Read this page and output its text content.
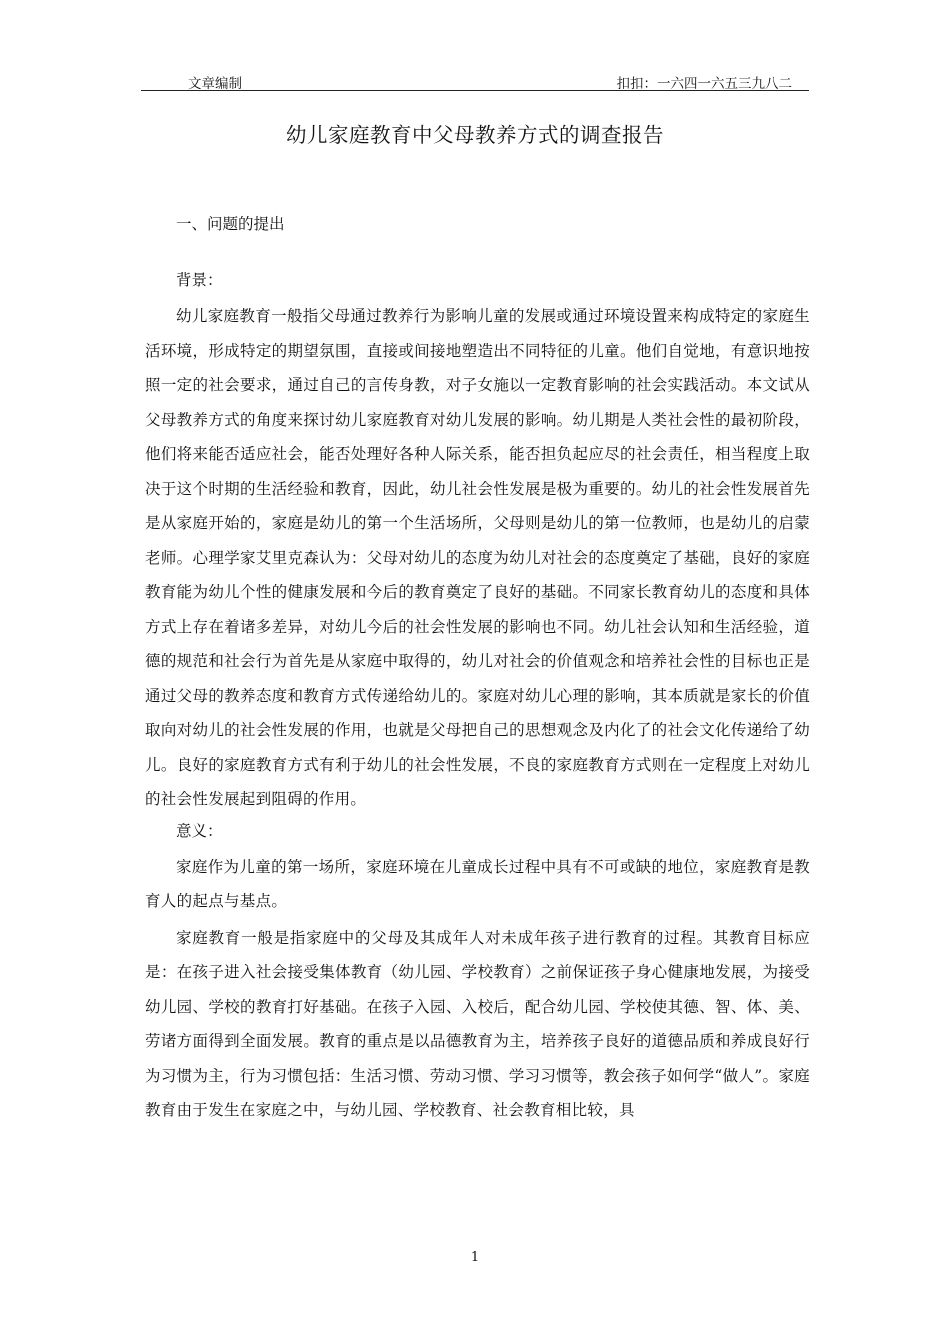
文章编制	扣扣：一六四一六五三九八二
幼儿家庭教育中父母教养方式的调查报告

一、问题的提出

背景：

幼儿家庭教育一般指父母通过教养行为影响儿童的发展或通过环境设置来构成特定的家庭生活环境，形成特定的期望氛围，直接或间接地塑造出不同特征的儿童。他们自觉地，有意识地按照一定的社会要求，通过自己的言传身教，对子女施以一定教育影响的社会实践活动。本文试从父母教养方式的角度来探讨幼儿家庭教育对幼儿发展的影响。幼儿期是人类社会性的最初阶段，他们将来能否适应社会，能否处理好各种人际关系，能否担负起应尽的社会责任，相当程度上取决于这个时期的生活经验和教育，因此，幼儿社会性发展是极为重要的。幼儿的社会性发展首先是从家庭开始的，家庭是幼儿的第一个生活场所，父母则是幼儿的第一位教师，也是幼儿的启蒙老师。心理学家艾里克森认为：父母对幼儿的态度为幼儿对社会的态度奠定了基础，良好的家庭教育能为幼儿个性的健康发展和今后的教育奠定了良好的基础。不同家长教育幼儿的态度和具体方式上存在着诸多差异，对幼儿今后的社会性发展的影响也不同。幼儿社会认知和生活经验，道德的规范和社会行为首先是从家庭中取得的，幼儿对社会的价值观念和培养社会性的目标也正是通过父母的教养态度和教育方式传递给幼儿的。家庭对幼儿心理的影响，其本质就是家长的价值取向对幼儿的社会性发展的作用，也就是父母把自己的思想观念及内化了的社会文化传递给了幼儿。良好的家庭教育方式有利于幼儿的社会性发展，不良的家庭教育方式则在一定程度上对幼儿的社会性发展起到阻碍的作用。

意义：

家庭作为儿童的第一场所，家庭环境在儿童成长过程中具有不可或缺的地位，家庭教育是教育人的起点与基点。

家庭教育一般是指家庭中的父母及其成年人对未成年孩子进行教育的过程。其教育目标应是：在孩子进入社会接受集体教育（幼儿园、学校教育）之前保证孩子身心健康地发展，为接受幼儿园、学校的教育打好基础。在孩子入园、入校后，配合幼儿园、学校使其德、智、体、美、劳诸方面得到全面发展。教育的重点是以品德教育为主，培养孩子良好的道德品质和养成良好行为习惯为主，行为习惯包括：生活习惯、劳动习惯、学习习惯等，教会孩子如何学“做人”。家庭教育由于发生在家庭之中，与幼儿园、学校教育、社会教育相比较，具

1
